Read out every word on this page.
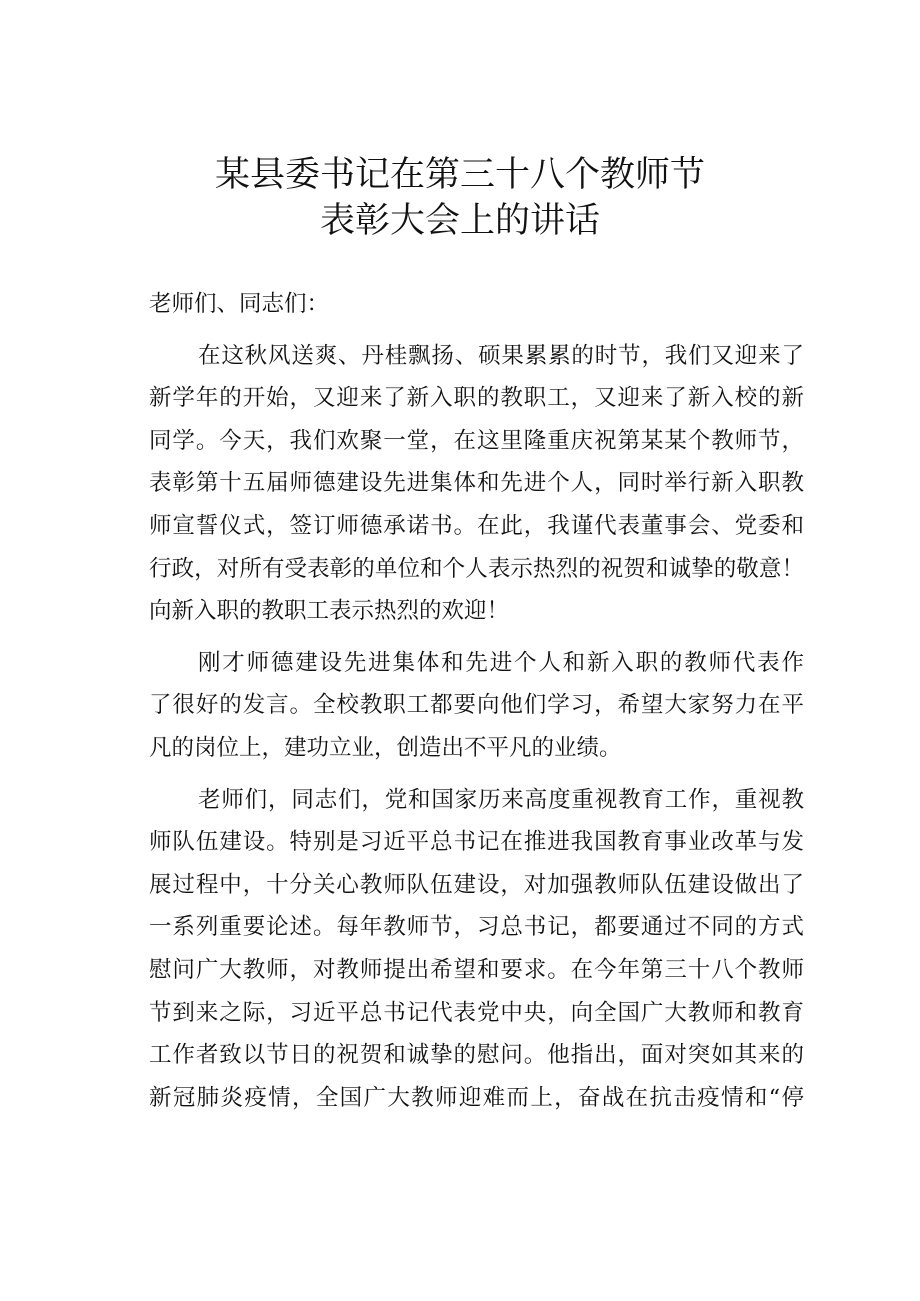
某县委书记在第三十八个教师节
表彰大会上的讲话
老师们、同志们：
在这秋风送爽、丹桂飘扬、硕果累累的时节，我们又迎来了
新学年的开始，又迎来了新入职的教职工，又迎来了新入校的新
同学。今天，我们欢聚一堂，在这里隆重庆祝第某某个教师节，
表彰第十五届师德建设先进集体和先进个人，同时举行新入职教
师宣誓仪式，签订师德承诺书。在此，我谨代表董事会、党委和
行政，对所有受表彰的单位和个人表示热烈的祝贺和诚挚的敬意！
向新入职的教职工表示热烈的欢迎！
刚才师德建设先进集体和先进个人和新入职的教师代表作
了很好的发言。全校教职工都要向他们学习，希望大家努力在平
凡的岗位上，建功立业，创造出不平凡的业绩。
老师们，同志们，党和国家历来高度重视教育工作，重视教
师队伍建设。特别是习近平总书记在推进我国教育事业改革与发
展过程中，十分关心教师队伍建设，对加强教师队伍建设做出了
一系列重要论述。每年教师节，习总书记，都要通过不同的方式
慰问广大教师，对教师提出希望和要求。在今年第三十八个教师
节到来之际，习近平总书记代表党中央，向全国广大教师和教育
工作者致以节日的祝贺和诚挚的慰问。他指出，面对突如其来的
新冠肺炎疫情，全国广大教师迎难而上，奋战在抗击疫情和“停
